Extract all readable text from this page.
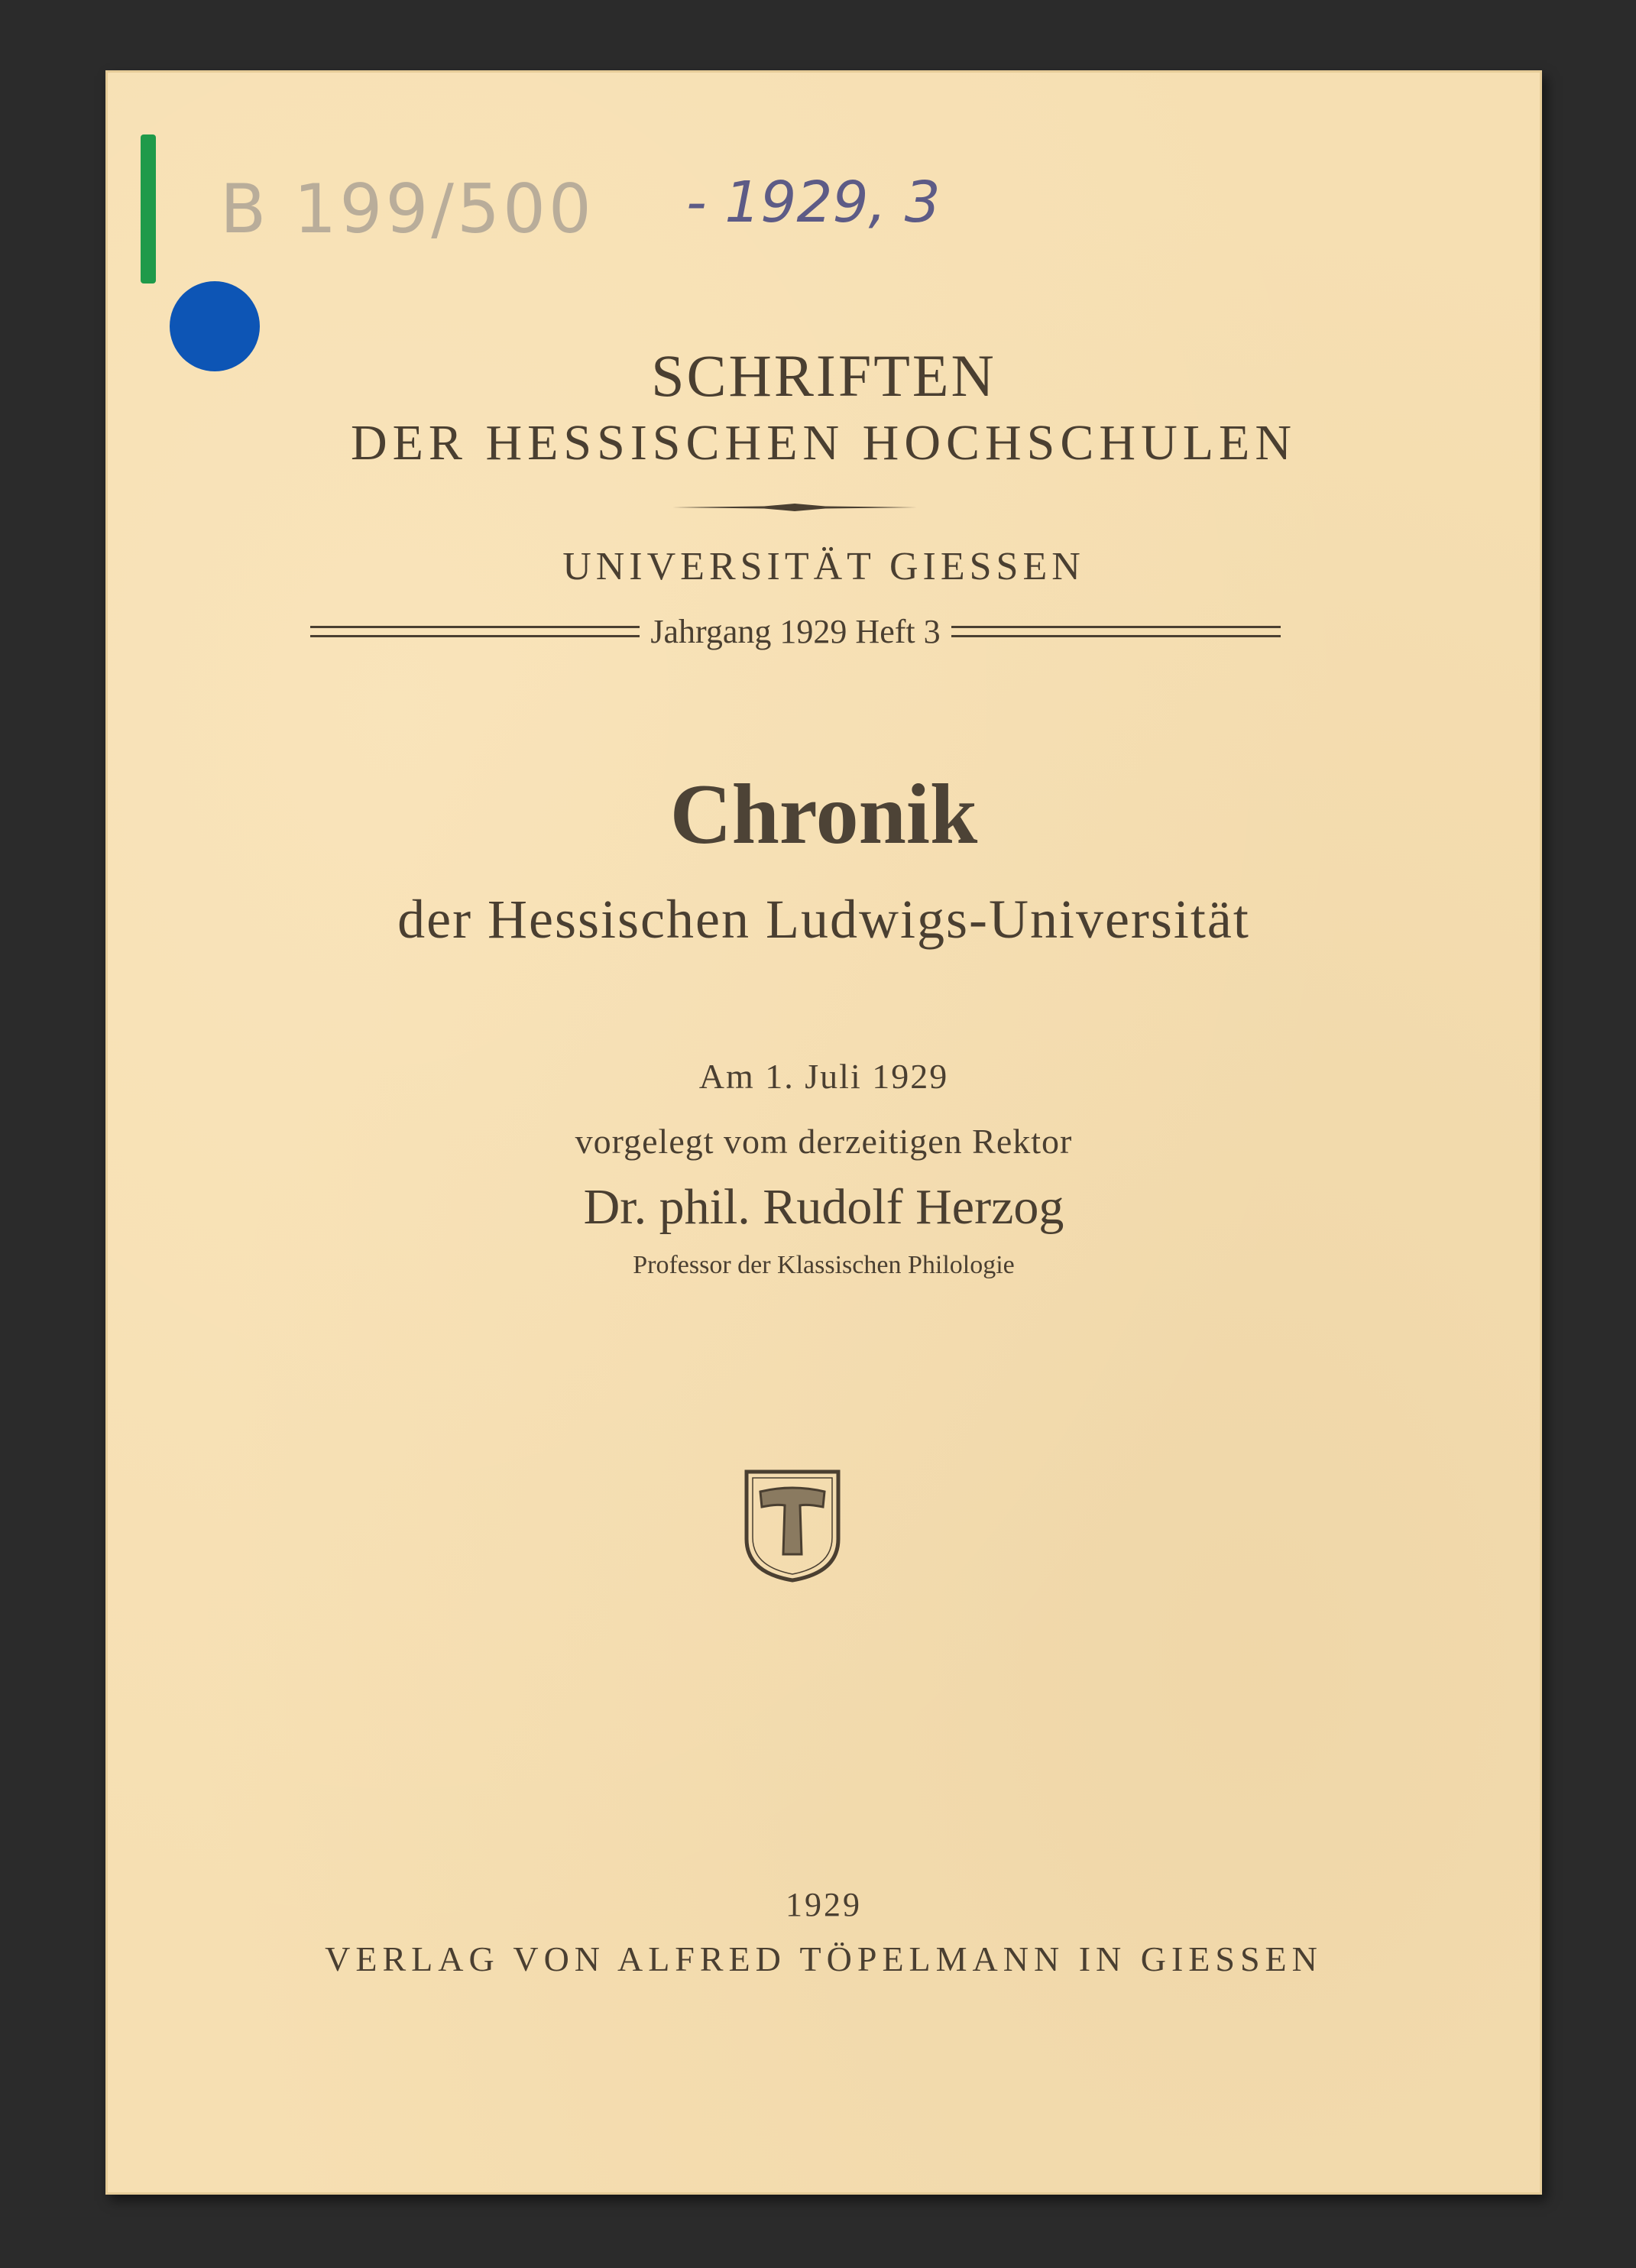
B 199/500 - 1929, 3

SCHRIFTEN
DER HESSISCHEN HOCHSCHULEN

UNIVERSITÄT GIESSEN

Jahrgang 1929 Heft 3
Chronik
der Hessischen Ludwigs-Universität

Am 1. Juli 1929

vorgelegt vom derzeitigen Rektor

Dr. phil. Rudolf Herzog

Professor der Klassischen Philologie

1929

VERLAG VON ALFRED TÖPELMANN IN GIESSEN
